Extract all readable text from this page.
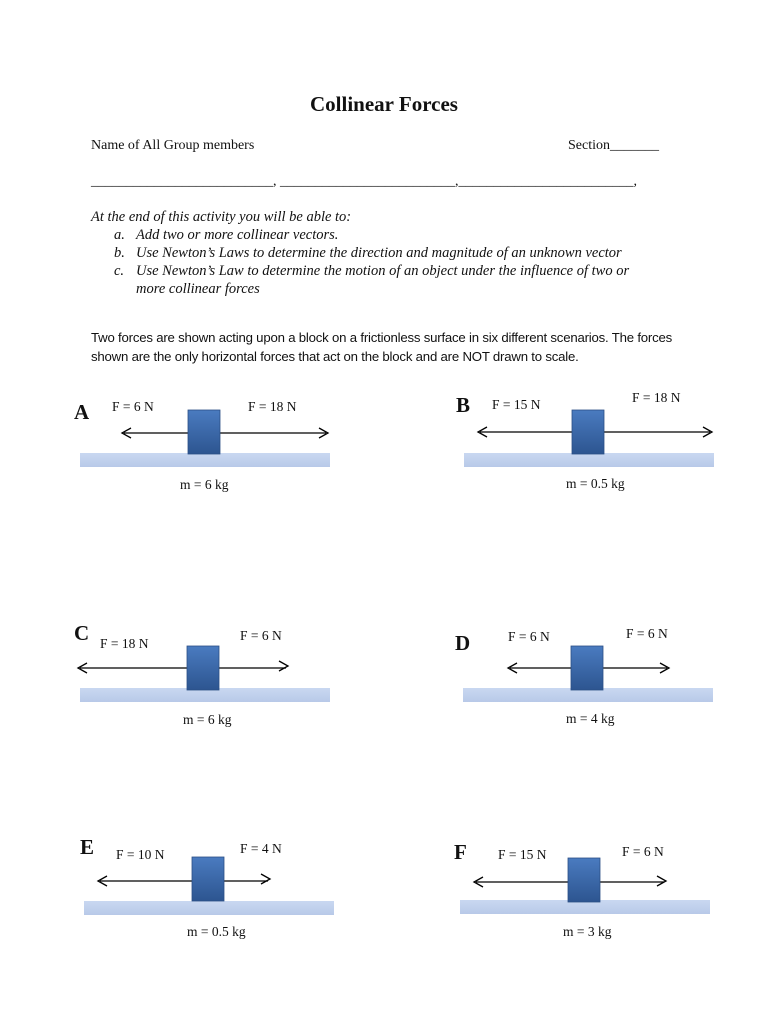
Collinear Forces
Name of All Group members	Section_______
__________________________, _________________________,_________________________,
At the end of this activity you will be able to:
a. Add two or more collinear vectors.
b. Use Newton’s Laws to determine the direction and magnitude of an unknown vector
c. Use Newton’s Law to determine the motion of an object under the influence of two or
more collinear forces
Two forces are shown acting upon a block on a frictionless surface in six different scenarios. The forces shown are the only horizontal forces that act on the block and are NOT drawn to scale.
A F = 6 N	F = 18 N
m = 6 kg
B F = 15 N	F = 18 N
m = 0.5 kg
C F = 18 N
F = 6 N
m = 6 kg
D	F = 6 N	F = 6 N
m = 4 kg
E F = 10 N	F = 4 N
m = 0.5 kg
F F = 15 N	F = 6 N
m = 3 kg
